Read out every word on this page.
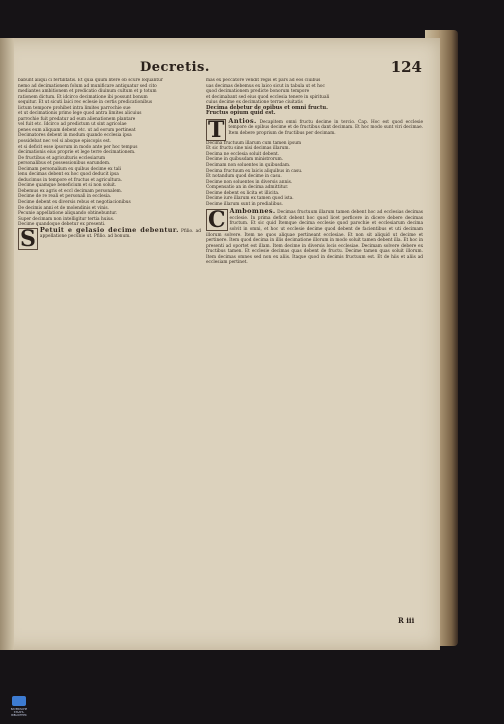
Decretis.	124

babunt aliqui ci fertilitatis. Et quia quum litere ob scure loquantur

nemo ad decimationem folum ad munificare antiquatur sed cito

mediantes ambitionem et predicatio diuinum cultum et p totum

rationem dictum. Et idcirco decimatione ibi possunt bonum

sequitur. Et ut sicuti laici rec eclesie in certis predicationibus

lictum tempore prohibet intra limites parrochie sue

et ut decimationis primo lege quod antra limites alicuius

parrochie fuit predatur ad eum alienationem plantare

vel fuit etc. Idcirco ad predictum ut sint agricolae

penes eum aliquam debent etc. ut ad eorum pertineat

Decimatores debent in modum quando ecclesia ipsa

possidebat nec vel si absque episcopis est.

et si deficit esse ipsorum in modo ante per hoc tempus

decimationis eius proprie et lege terre decimationem.

De fructibus et agriculturis ecclesiarum

personalibus et possessionibus earundem.

Decimam personalium ex quibus decime ex tali

lenu decimas debent ex hoc quod deducit ipsa

deducimus in tempore et fructus et agricultura.

Decime quamque beneficium et si non soluit.

Debemus ex agris et eccl decimam personalem.

Decime de re reali et personali in ecclesia.

Decime debent ex diversis rebus et negotiacionibus

De decimis anni et de molendinis et vinis.

Pecunie appellatione aliquando obtinebuntur.

Super decimam non intelligitur tertia huius.

Decime quandoque debetur ex presenti.

S Petuit e gelasio decime debentur. Pfilio. ad appellatione pecunie ut. Pfilio. ad bonum.

mas ex peccatore vendit regis et pars ad eos ciuibus

uas decimas debemus ex laico sicut in tabula ut et hoc

quod decimationem predicte bonorum tempore

et decimabant sed eius quod ecclesia tenere in spirituali

cuius decime ex decimatione terrae ciuitatis

Decima debetur de opibus et omni fructu.

Fructus opium quid est.

T Antios. Decapitem omni fructu decime in tercio. Cap. Hoc est quod ecclesie tempore de opibus decime et de fructibus dant decimam. Et hoc modo sunt viri decimae. Item debere proprium de fructibus per decimam.

Decima fructuum illarum cum tamen ipsum

Et sic fructu sine nisi decimas illarum.

Decima ne ecclesia soluit debent.

Decime in quibusdam ministrorum.

Decimam non soluentes in quibusdam.

Decima fructuum ex laicis aliquibus in casu.

Et notandum quod decime in casu.

Decime non soluentes in diversis annis.

Compensatio an in decima admittitur.

Decime debent ex licita et illicita.

Decime iure illarum ex tamen quod ista.

Decime illarum sunt in predialibus.

C Ambomnes. Decimas fructuum illarum tamen debent hoc ad ecclesias decimas ecclesie. In prima deficit debent hoc quod licet perficere in dicere debere decimas fructum. Et sic quid Itemque decima ecclesie quod parochie et ecclesiarum decima solvit in omni, et hoc ut ecclesie decime quod debent de facientibus et uti decimam illorum solvere. Item ne quos aliquae pertineant ecclesiae. Et non sit aliquid ut decime et pertinere. Item quod decima in illis decimatione illorum in modo soluit tamen debent illa. Et hoc in presenti ad oportet est illam. Item decime in diversis locis ecclesiae. Decimam solvere debere ex fructibus tamen. Et ecclesie decimas quas debent de fructu. Decime tamen quas soluit illorum. Item decimas omnes sed non ex aliis. Itaque quod in decimis fructuum est. Et de hiis et aliis ad ecclesiam pertinet.
R iii
BAYERISCHE
STAATS-
BIBLIOTHEK
